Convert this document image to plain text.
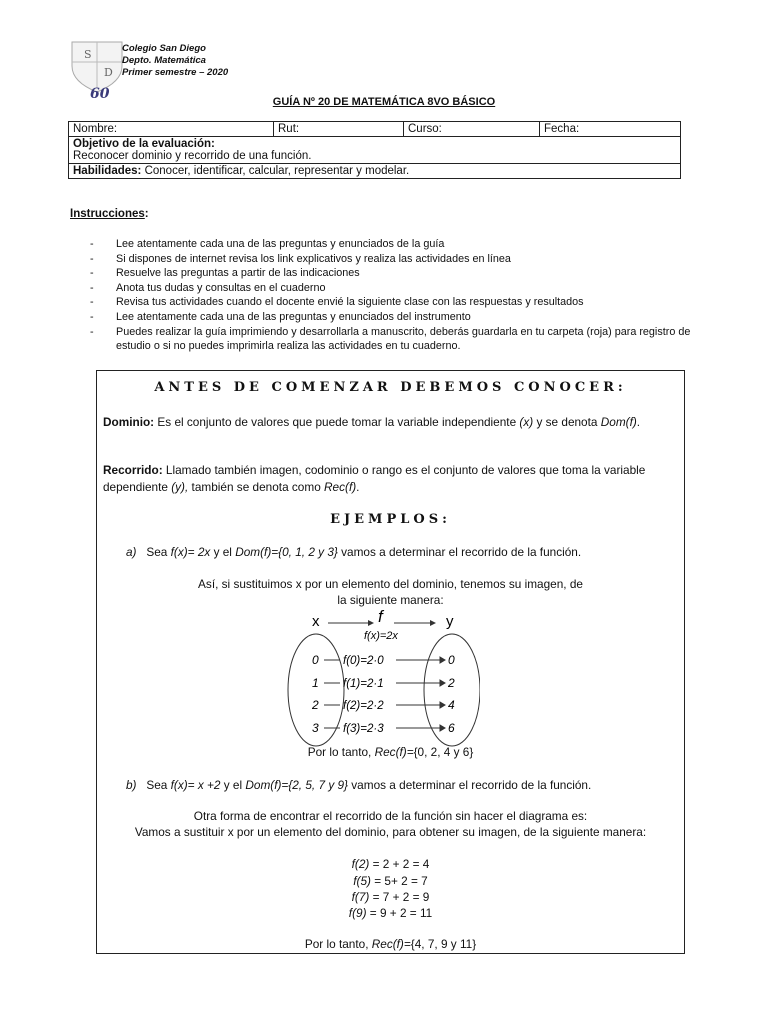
S
D
60
Colegio San Diego
Depto. Matemática
Primer semestre – 2020
GUÍA Nº 20 DE MATEMÁTICA 8VO BÁSICO
Nombre:	Rut:	Curso:	Fecha:

Objetivo de la evaluación:
Reconocer dominio y recorrido de una función.

Habilidades: Conocer, identificar, calcular, representar y modelar.
Instrucciones:
- Lee atentamente cada una de las preguntas y enunciados de la guía
- Si dispones de internet revisa los link explicativos y realiza las actividades en línea
- Resuelve las preguntas a partir de las indicaciones
- Anota tus dudas y consultas en el cuaderno
- Revisa tus actividades cuando el docente envié la siguiente clase con las respuestas y resultados
- Lee atentamente cada una de las preguntas y enunciados del instrumento
- Puedes realizar la guía imprimiendo y desarrollarla a manuscrito, deberás guardarla en tu carpeta (roja) para registro de estudio o si no puedes imprimirla realiza las actividades en tu cuaderno.
ANTES DE COMENZAR DEBEMOS CONOCER:
Dominio: Es el conjunto de valores que puede tomar la variable independiente (x) y se denota Dom(f).
Recorrido: Llamado también imagen, codominio o rango es el conjunto de valores que toma la variable dependiente (y), también se denota como Rec(f).
EJEMPLOS:
a) Sea f(x)= 2x y el Dom(f)={0, 1, 2 y 3} vamos a determinar el recorrido de la función.
Así, si sustituimos x por un elemento del dominio, tenemos su imagen, de la siguiente manera:
x	f	y
f(x)=2x
0
1
2
3
0
2
4
6
f(0)=2·0
f(1)=2·1
f(2)=2·2
f(3)=2·3
Por lo tanto, Rec(f)={0, 2, 4 y 6}
b) Sea f(x)= x +2 y el Dom(f)={2, 5, 7 y 9} vamos a determinar el recorrido de la función.
Otra forma de encontrar el recorrido de la función sin hacer el diagrama es:
Vamos a sustituir x por un elemento del dominio, para obtener su imagen, de la siguiente manera:
f(2) = 2 + 2 = 4
f(5) = 5+ 2 = 7
f(7) = 7 + 2 = 9
f(9) = 9 + 2 = 11
Por lo tanto, Rec(f)={4, 7, 9 y 11}
